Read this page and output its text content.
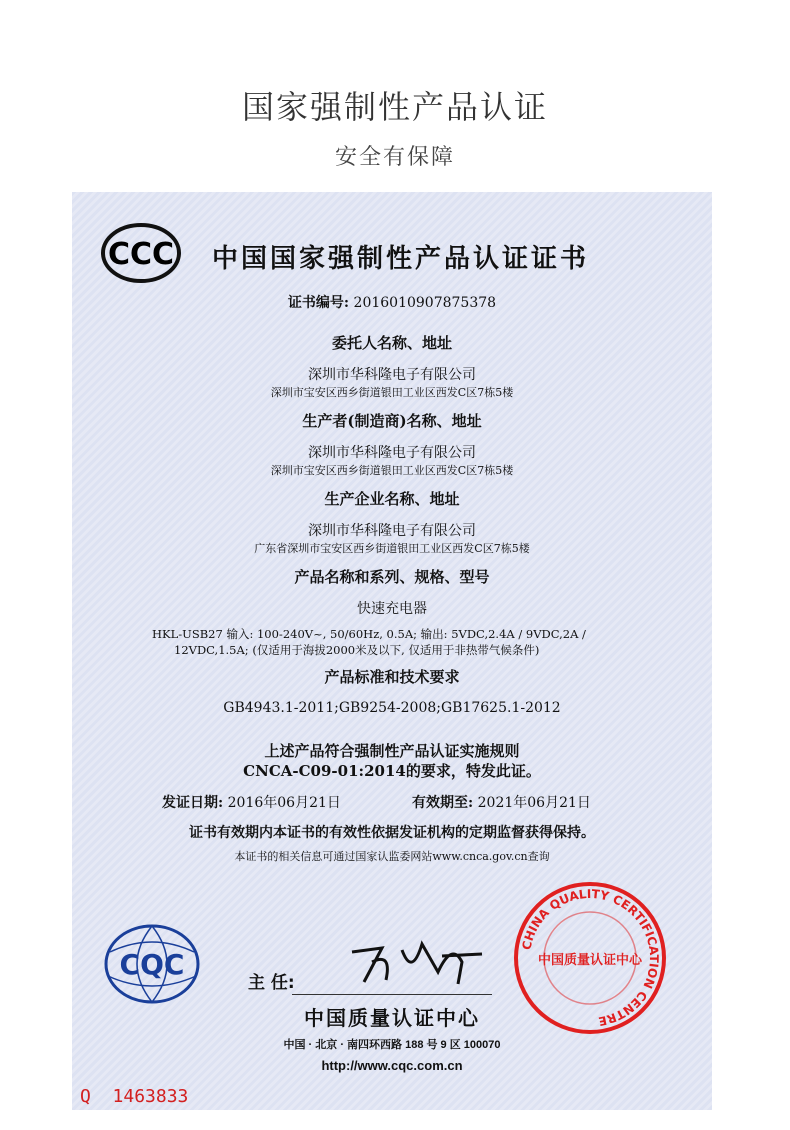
国家强制性产品认证
安全有保障
CCC 中国国家强制性产品认证证书
证书编号: 2016010907875378
委托人名称、地址
深圳市华科隆电子有限公司
深圳市宝安区西乡街道银田工业区西发C区7栋5楼
生产者(制造商)名称、地址
深圳市华科隆电子有限公司
深圳市宝安区西乡街道银田工业区西发C区7栋5楼
生产企业名称、地址
深圳市华科隆电子有限公司
广东省深圳市宝安区西乡街道银田工业区西发C区7栋5楼
产品名称和系列、规格、型号
快速充电器
HKL-USB27 输入: 100-240V~, 50/60Hz, 0.5A; 输出: 5VDC,2.4A / 9VDC,2A /
12VDC,1.5A; (仅适用于海拔2000米及以下, 仅适用于非热带气候条件)
产品标准和技术要求
GB4943.1-2011;GB9254-2008;GB17625.1-2012
上述产品符合强制性产品认证实施规则
CNCA-C09-01:2014的要求，特发此证。
发证日期: 2016年06月21日	有效期至: 2021年06月21日
证书有效期内本证书的有效性依据发证机构的定期监督获得保持。
本证书的相关信息可通过国家认监委网站www.cnca.gov.cn查询
CQC
主 任:
中国质量认证中心
中国 · 北京 · 南四环西路 188 号 9 区 100070
http://www.cqc.com.cn
CHINA QUALITY CERTIFICATION CENTRE
中国质量认证中心
Q 1463833
